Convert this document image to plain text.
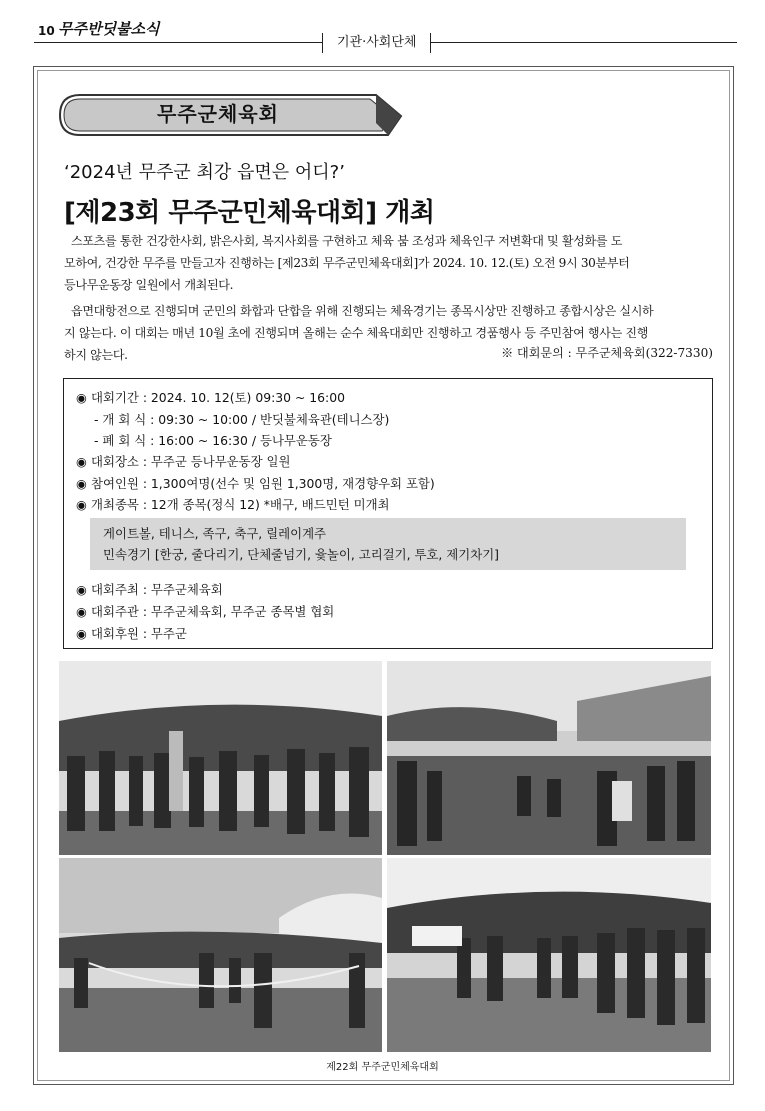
10 무주반딧불소식
기관·사회단체
무주군체육회
‘2024년 무주군 최강 읍면은 어디?’
[제23회 무주군민체육대회] 개최
스포츠를 통한 건강한사회, 밝은사회, 복지사회를 구현하고 체육 붐 조성과 체육인구 저변확대 및 활성화를 도
모하여, 건강한 무주를 만들고자 진행하는 [제23회 무주군민체육대회]가 2024. 10. 12.(토) 오전 9시 30분부터
등나무운동장 일원에서 개최된다.
읍면대항전으로 진행되며 군민의 화합과 단합을 위해 진행되는 체육경기는 종목시상만 진행하고 종합시상은 실시하
지 않는다. 이 대회는 매년 10월 초에 진행되며 올해는 순수 체육대회만 진행하고 경품행사 등 주민참여 행사는 진행
하지 않는다.	※ 대회문의 : 무주군체육회(322-7330)
◉ 대회기간 : 2024. 10. 12(토) 09:30 ~ 16:00
- 개 회 식 : 09:30 ~ 10:00 / 반딧불체육관(테니스장)
- 폐 회 식 : 16:00 ~ 16:30 / 등나무운동장
◉ 대회장소 : 무주군 등나무운동장 일원
◉ 참여인원 : 1,300여명(선수 및 임원 1,300명, 재경향우회 포함)
◉ 개최종목 : 12개 종목(정식 12) *배구, 배드민턴 미개최
게이트볼, 테니스, 족구, 축구, 릴레이계주
민속경기 [한궁, 줄다리기, 단체줄넘기, 윷놀이, 고리걸기, 투호, 제기차기]
◉ 대회주최 : 무주군체육회
◉ 대회주관 : 무주군체육회, 무주군 종목별 협회
◉ 대회후원 : 무주군
제22회 무주군민체육대회
